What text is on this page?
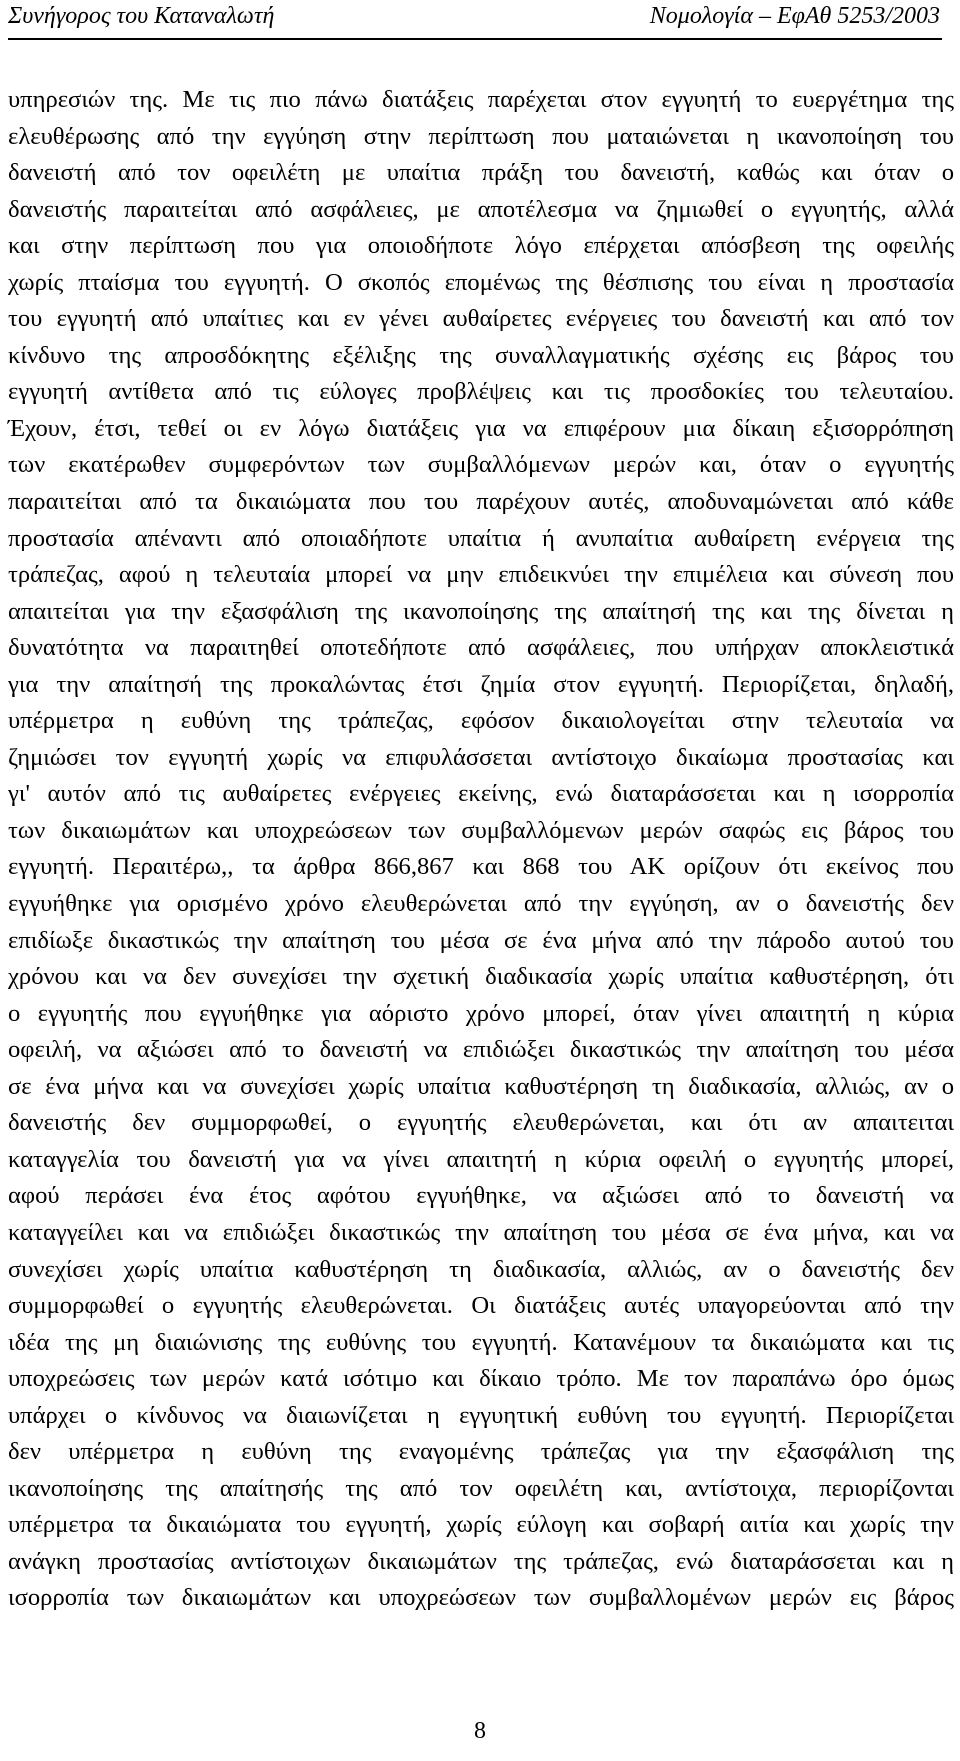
Συνήγορος του Καταναλωτή	Νομολογία – ΕφΑθ 5253/2003
υπηρεσιών της. Με τις πιο πάνω διατάξεις παρέχεται στον εγγυητή το ευεργέτημα της
ελευθέρωσης από την εγγύηση στην περίπτωση που ματαιώνεται η ικανοποίηση του
δανειστή από τον οφειλέτη με υπαίτια πράξη του δανειστή, καθώς και όταν ο
δανειστής παραιτείται από ασφάλειες, με αποτέλεσμα να ζημιωθεί ο εγγυητής, αλλά
και στην περίπτωση που για οποιοδήποτε λόγο επέρχεται απόσβεση της οφειλής
χωρίς πταίσμα του εγγυητή. Ο σκοπός επομένως της θέσπισης του είναι η προστασία
του εγγυητή από υπαίτιες και εν γένει αυθαίρετες ενέργειες του δανειστή και από τον
κίνδυνο της απροσδόκητης εξέλιξης της συναλλαγματικής σχέσης εις βάρος του
εγγυητή αντίθετα από τις εύλογες προβλέψεις και τις προσδοκίες του τελευταίου.
Έχουν, έτσι, τεθεί οι εν λόγω διατάξεις για να επιφέρουν μια δίκαιη εξισορρόπηση
των εκατέρωθεν συμφερόντων των συμβαλλόμενων μερών και, όταν ο εγγυητής
παραιτείται από τα δικαιώματα που του παρέχουν αυτές, αποδυναμώνεται από κάθε
προστασία απέναντι από οποιαδήποτε υπαίτια ή ανυπαίτια αυθαίρετη ενέργεια της
τράπεζας, αφού η τελευταία μπορεί να μην επιδεικνύει την επιμέλεια και σύνεση που
απαιτείται για την εξασφάλιση της ικανοποίησης της απαίτησή της και της δίνεται η
δυνατότητα να παραιτηθεί οποτεδήποτε από ασφάλειες, που υπήρχαν αποκλειστικά
για την απαίτησή της προκαλώντας έτσι ζημία στον εγγυητή. Περιορίζεται, δηλαδή,
υπέρμετρα η ευθύνη της τράπεζας, εφόσον δικαιολογείται στην τελευταία να
ζημιώσει τον εγγυητή χωρίς να επιφυλάσσεται αντίστοιχο δικαίωμα προστασίας και
γι' αυτόν από τις αυθαίρετες ενέργειες εκείνης, ενώ διαταράσσεται και η ισορροπία
των δικαιωμάτων και υποχρεώσεων των συμβαλλόμενων μερών σαφώς εις βάρος του
εγγυητή. Περαιτέρω,, τα άρθρα 866,867 και 868 του ΑΚ ορίζουν ότι εκείνος που
εγγυήθηκε για ορισμένο χρόνο ελευθερώνεται από την εγγύηση, αν ο δανειστής δεν
επιδίωξε δικαστικώς την απαίτηση του μέσα σε ένα μήνα από την πάροδο αυτού του
χρόνου και να δεν συνεχίσει την σχετική διαδικασία χωρίς υπαίτια καθυστέρηση, ότι
ο εγγυητής που εγγυήθηκε για αόριστο χρόνο μπορεί, όταν γίνει απαιτητή η κύρια
οφειλή, να αξιώσει από το δανειστή να επιδιώξει δικαστικώς την απαίτηση του μέσα
σε ένα μήνα και να συνεχίσει χωρίς υπαίτια καθυστέρηση τη διαδικασία, αλλιώς, αν ο
δανειστής δεν συμμορφωθεί, ο εγγυητής ελευθερώνεται, και ότι αν απαιτειται
καταγγελία του δανειστή για να γίνει απαιτητή η κύρια οφειλή ο εγγυητής μπορεί,
αφού περάσει ένα έτος αφότου εγγυήθηκε, να αξιώσει από το δανειστή να
καταγγείλει και να επιδιώξει δικαστικώς την απαίτηση του μέσα σε ένα μήνα, και να
συνεχίσει χωρίς υπαίτια καθυστέρηση τη διαδικασία, αλλιώς, αν ο δανειστής δεν
συμμορφωθεί ο εγγυητής ελευθερώνεται. Οι διατάξεις αυτές υπαγορεύονται από την
ιδέα της μη διαιώνισης της ευθύνης του εγγυητή. Κατανέμουν τα δικαιώματα και τις
υποχρεώσεις των μερών κατά ισότιμο και δίκαιο τρόπο. Με τον παραπάνω όρο όμως
υπάρχει ο κίνδυνος να διαιωνίζεται η εγγυητική ευθύνη του εγγυητή. Περιορίζεται
δεν υπέρμετρα η ευθύνη της εναγομένης τράπεζας για την εξασφάλιση της
ικανοποίησης της απαίτησής της από τον οφειλέτη και, αντίστοιχα, περιορίζονται
υπέρμετρα τα δικαιώματα του εγγυητή, χωρίς εύλογη και σοβαρή αιτία και χωρίς την
ανάγκη προστασίας αντίστοιχων δικαιωμάτων της τράπεζας, ενώ διαταράσσεται και η
ισορροπία των δικαιωμάτων και υποχρεώσεων των συμβαλλομένων μερών εις βάρος
8
